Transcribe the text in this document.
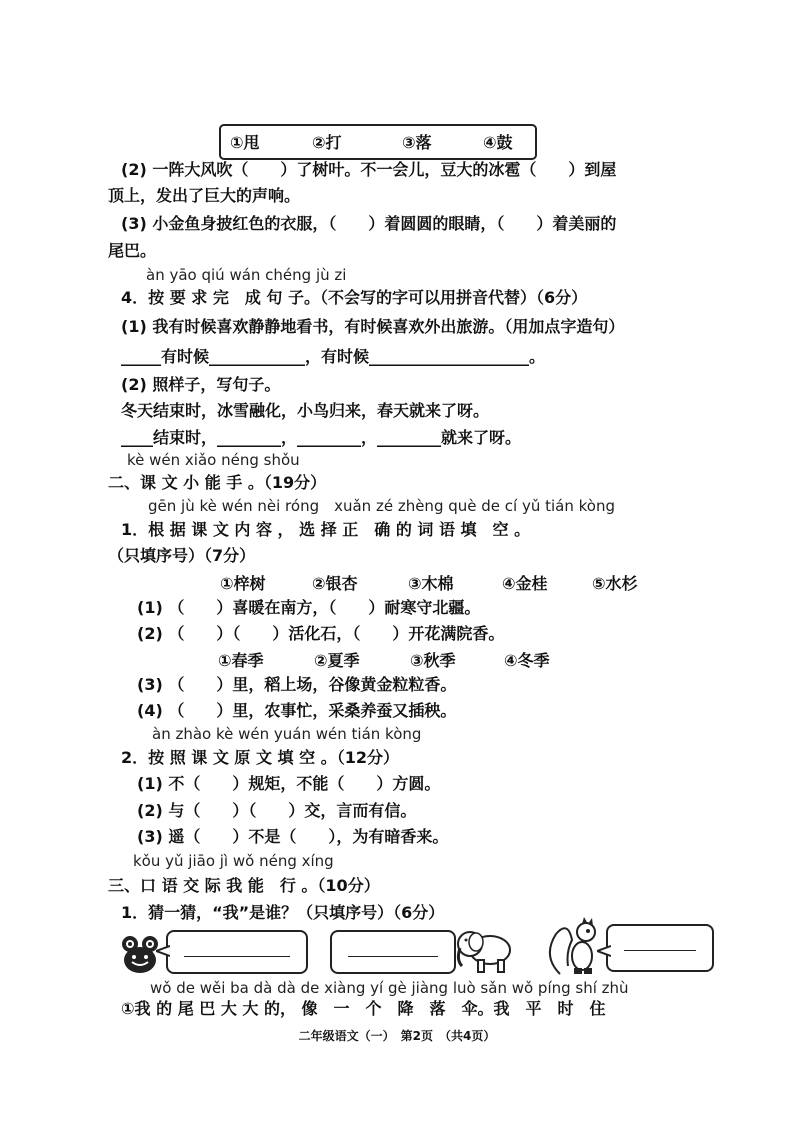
①甩	②打	③落	④鼓
①梓树	②银杏	③木棉	④金桂	⑤水杉
①春季	②夏季	③秋季	④冬季
(2) 一阵大风吹（　　）了树叶。不一会儿，豆大的冰雹（　　）到屋
顶上，发出了巨大的声响。
(3) 小金鱼身披红色的衣服，（　　）着圆圆的眼睛，（　　）着美丽的
尾巴。
4．按 要 求 完　成 句 子。（不会写的字可以用拼音代替）（6分）
(1) 我有时候喜欢静静地看书，有时候喜欢外出旅游。（用加点字造句）
_____有时候____________，有时候____________________。
(2) 照样子，写句子。
冬天结束时，冰雪融化，小鸟归来，春天就来了呀。
____结束时，________，________，________就来了呀。
二、课 文 小 能 手 。（19分）
1．根 据 课 文 内 容 ， 选 择 正　确 的 词 语 填　空 。
（只填序号）（7分）
(1) （　　）喜暖在南方，（　　）耐寒守北疆。
(2) （　　）（　　）活化石，（　　）开花满院香。
(3) （　　）里，稻上场，谷像黄金粒粒香。
(4) （　　）里，农事忙，采桑养蚕又插秧。
2．按 照 课 文 原 文 填 空 。（12分）
(1) 不（　　）规矩，不能（　　）方圆。
(2) 与（　　）（　　）交，言而有信。
(3) 遥（　　）不是（　　），为有暗香来。
三、口 语 交 际 我 能　行 。（10分）
1．猜一猜，“我”是谁？（只填序号）（6分）
①我 的 尾 巴 大 大 的， 像　一　个　降　落　伞。我　平　时　住
àn yāo qiú wán chéng jù zi
kè wén xiǎo néng shǒu
gēn jù kè wén nèi róng　xuǎn zé zhèng què de cí yǔ tián kòng
àn zhào kè wén yuán wén tián kòng
kǒu yǔ jiāo jì wǒ néng xíng
wǒ de wěi ba dà dà de xiàng yí gè jiàng luò sǎn wǒ píng shí zhù
二年级语文（一）　第2页　（共4页）
